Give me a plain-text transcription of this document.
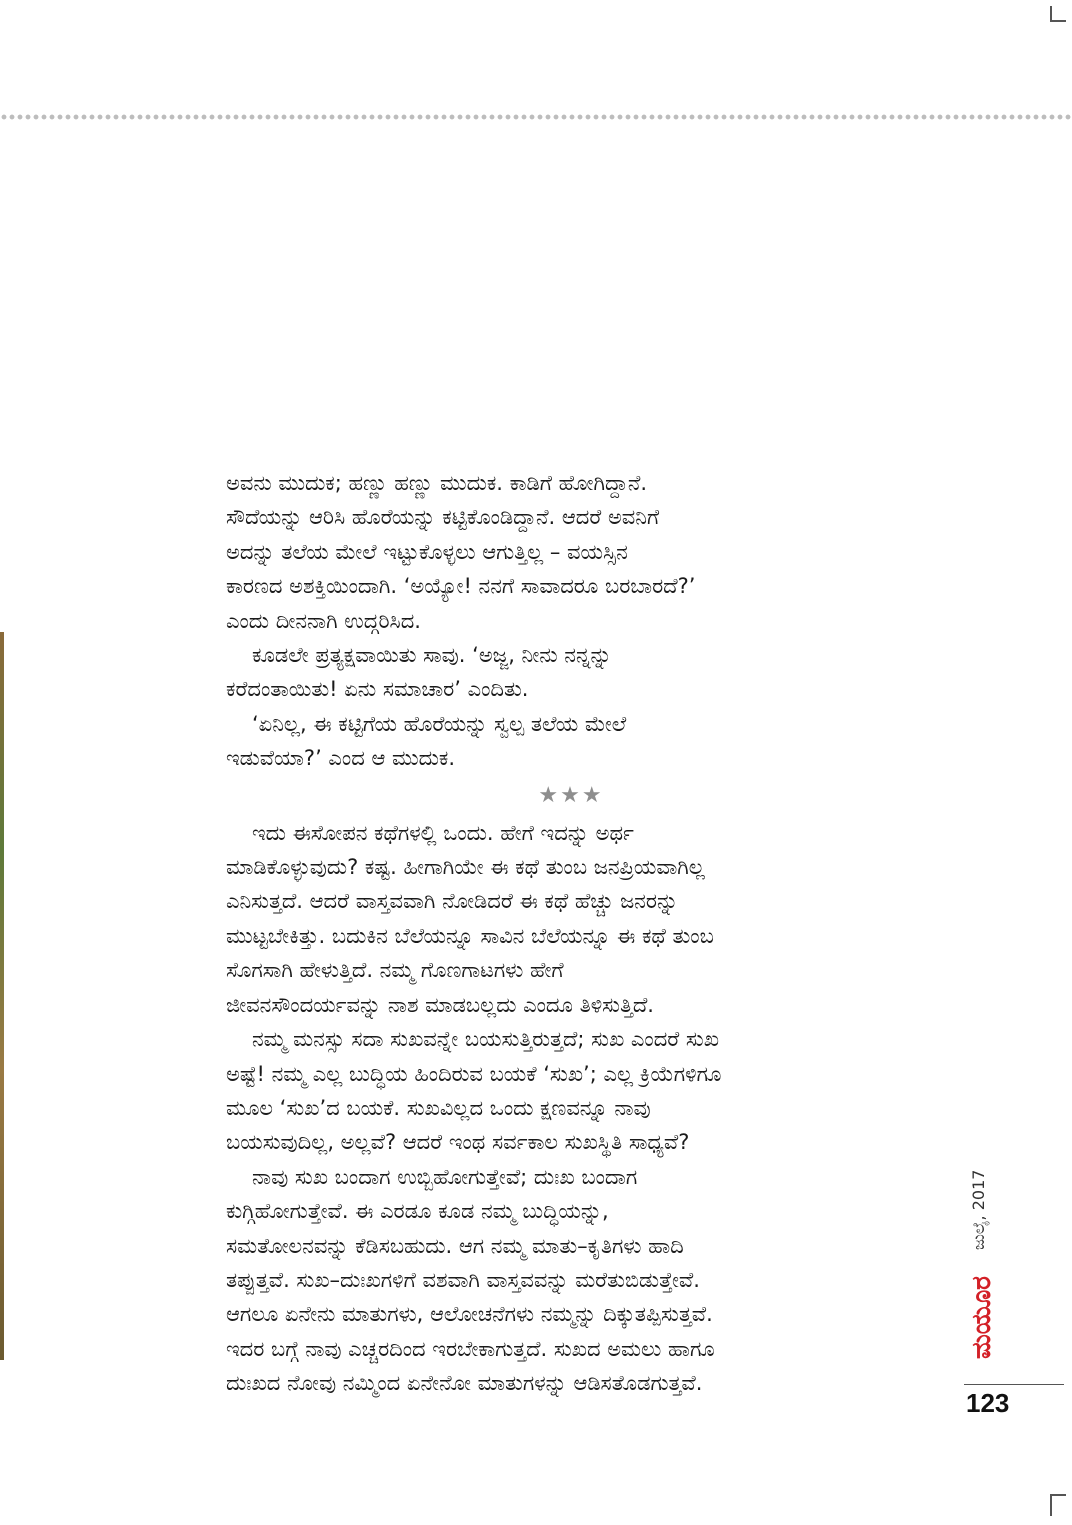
ಅವನು ಮುದುಕ; ಹಣ್ಣು ಹಣ್ಣು ಮುದುಕ. ಕಾಡಿಗೆ ಹೋಗಿದ್ದಾನೆ.

ಸೌದೆಯನ್ನು ಆರಿಸಿ ಹೊರೆಯನ್ನು ಕಟ್ಟಿಕೊಂಡಿದ್ದಾನೆ. ಆದರೆ ಅವನಿಗೆ

ಅದನ್ನು ತಲೆಯ ಮೇಲೆ ಇಟ್ಟುಕೊಳ್ಳಲು ಆಗುತ್ತಿಲ್ಲ – ವಯಸ್ಸಿನ

ಕಾರಣದ ಅಶಕ್ತಿಯಿಂದಾಗಿ. ‘ಅಯ್ಯೋ! ನನಗೆ ಸಾವಾದರೂ ಬರಬಾರದೆ?’

ಎಂದು ದೀನನಾಗಿ ಉದ್ಗರಿಸಿದ.

ಕೂಡಲೇ ಪ್ರತ್ಯಕ್ಷವಾಯಿತು ಸಾವು. ‘ಅಜ್ಜ, ನೀನು ನನ್ನನ್ನು

ಕರೆದಂತಾಯಿತು! ಏನು ಸಮಾಚಾರ’ ಎಂದಿತು.

‘ಏನಿಲ್ಲ, ಈ ಕಟ್ಟಿಗೆಯ ಹೊರೆಯನ್ನು ಸ್ವಲ್ಪ ತಲೆಯ ಮೇಲೆ

ಇಡುವೆಯಾ?’ ಎಂದ ಆ ಮುದುಕ.

★★★

ಇದು ಈಸೋಪನ ಕಥೆಗಳಲ್ಲಿ ಒಂದು. ಹೇಗೆ ಇದನ್ನು ಅರ್ಥ

ಮಾಡಿಕೊಳ್ಳುವುದು? ಕಷ್ಟ. ಹೀಗಾಗಿಯೇ ಈ ಕಥೆ ತುಂಬ ಜನಪ್ರಿಯವಾಗಿಲ್ಲ

ಎನಿಸುತ್ತದೆ. ಆದರೆ ವಾಸ್ತವವಾಗಿ ನೋಡಿದರೆ ಈ ಕಥೆ ಹೆಚ್ಚು ಜನರನ್ನು

ಮುಟ್ಟಬೇಕಿತ್ತು. ಬದುಕಿನ ಬೆಲೆಯನ್ನೂ ಸಾವಿನ ಬೆಲೆಯನ್ನೂ ಈ ಕಥೆ ತುಂಬ

ಸೊಗಸಾಗಿ ಹೇಳುತ್ತಿದೆ. ನಮ್ಮ ಗೊಣಗಾಟಗಳು ಹೇಗೆ

ಜೀವನಸೌಂದರ್ಯವನ್ನು ನಾಶ ಮಾಡಬಲ್ಲದು ಎಂದೂ ತಿಳಿಸುತ್ತಿದೆ.

ನಮ್ಮ ಮನಸ್ಸು ಸದಾ ಸುಖವನ್ನೇ ಬಯಸುತ್ತಿರುತ್ತದೆ; ಸುಖ ಎಂದರೆ ಸುಖ

ಅಷ್ಟೆ! ನಮ್ಮ ಎಲ್ಲ ಬುದ್ಧಿಯ ಹಿಂದಿರುವ ಬಯಕೆ ‘ಸುಖ’; ಎಲ್ಲ ಕ್ರಿಯೆಗಳಿಗೂ

ಮೂಲ ‘ಸುಖ’ದ ಬಯಕೆ. ಸುಖವಿಲ್ಲದ ಒಂದು ಕ್ಷಣವನ್ನೂ ನಾವು

ಬಯಸುವುದಿಲ್ಲ, ಅಲ್ಲವೆ? ಆದರೆ ಇಂಥ ಸರ್ವಕಾಲ ಸುಖಸ್ಥಿತಿ ಸಾಧ್ಯವೆ?

ನಾವು ಸುಖ ಬಂದಾಗ ಉಬ್ಬಿಹೋಗುತ್ತೇವೆ; ದುಃಖ ಬಂದಾಗ

ಕುಗ್ಗಿಹೋಗುತ್ತೇವೆ. ಈ ಎರಡೂ ಕೂಡ ನಮ್ಮ ಬುದ್ಧಿಯನ್ನು,

ಸಮತೋಲನವನ್ನು ಕೆಡಿಸಬಹುದು. ಆಗ ನಮ್ಮ ಮಾತು–ಕೃತಿಗಳು ಹಾದಿ

ತಪ್ಪುತ್ತವೆ. ಸುಖ–ದುಃಖಗಳಿಗೆ ವಶವಾಗಿ ವಾಸ್ತವವನ್ನು ಮರೆತುಬಿಡುತ್ತೇವೆ.

ಆಗಲೂ ಏನೇನು ಮಾತುಗಳು, ಆಲೋಚನೆಗಳು ನಮ್ಮನ್ನು ದಿಕ್ಕುತಪ್ಪಿಸುತ್ತವೆ.

ಇದರ ಬಗ್ಗೆ ನಾವು ಎಚ್ಚರದಿಂದ ಇರಬೇಕಾಗುತ್ತದೆ. ಸುಖದ ಅಮಲು ಹಾಗೂ

ದುಃಖದ ನೋವು ನಮ್ಮಿಂದ ಏನೇನೋ ಮಾತುಗಳನ್ನು ಆಡಿಸತೊಡಗುತ್ತವೆ.

ಜುಲೈ, 2017
ಮಯೂರ
123
